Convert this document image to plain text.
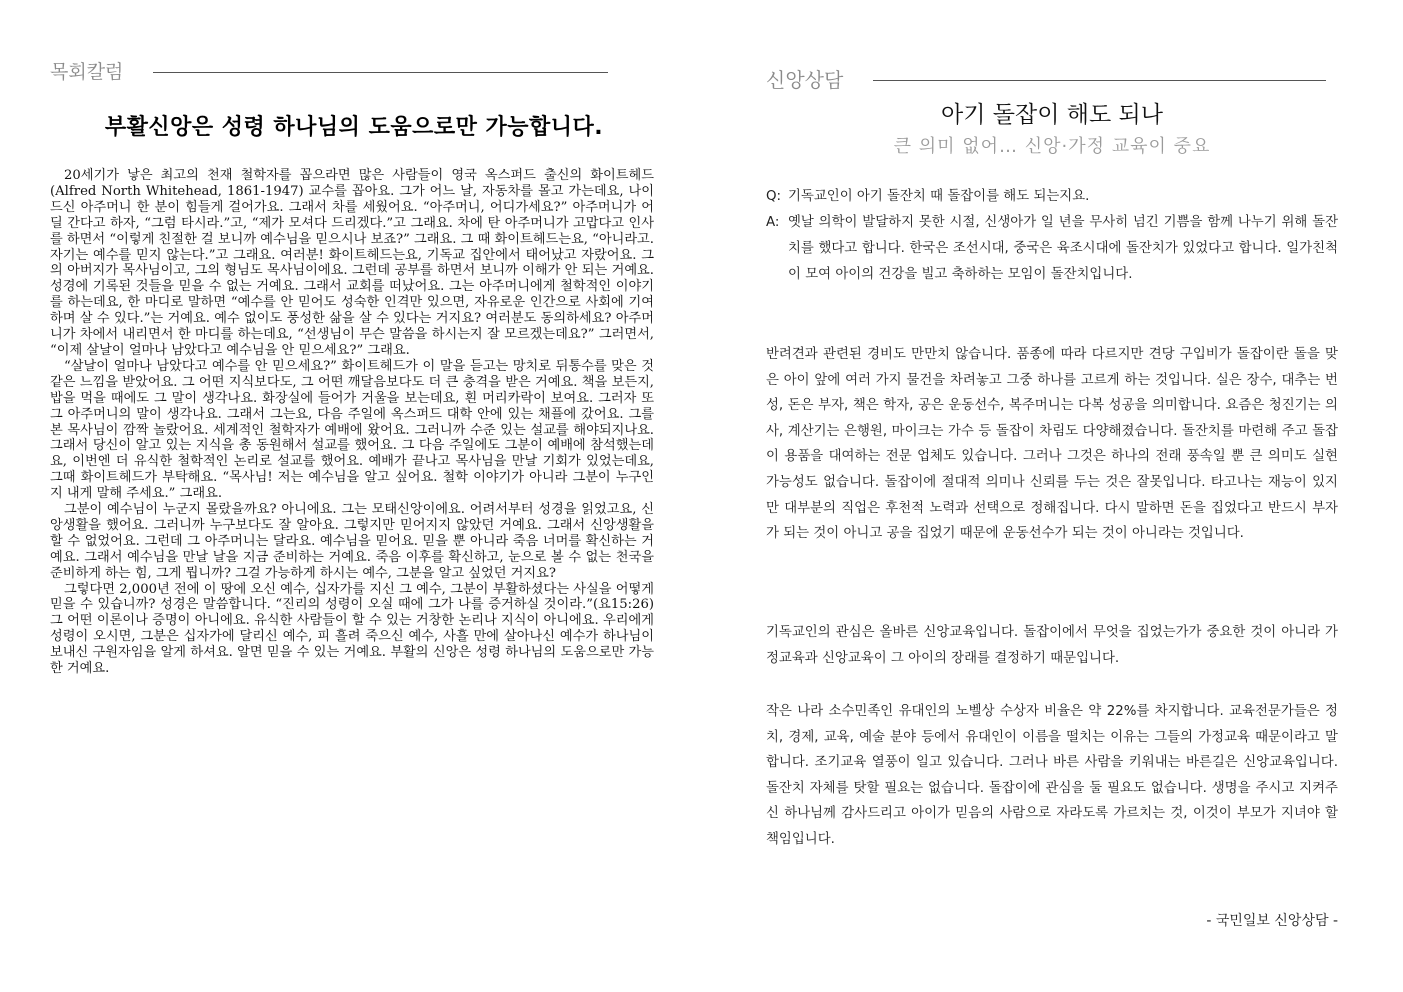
목회칼럼
부활신앙은 성령 하나님의 도움으로만 가능합니다.

20세기가 낳은 최고의 천재 철학자를 꼽으라면 많은 사람들이 영국 옥스퍼드 출신의 화이트헤드(Alfred North Whitehead, 1861-1947) 교수를 꼽아요. 그가 어느 날, 자동차를 몰고 가는데요, 나이 드신 아주머니 한 분이 힘들게 걸어가요. 그래서 차를 세웠어요. “아주머니, 어디가세요?” 아주머니가 어딜 간다고 하자, “그럼 타시라.”고, “제가 모셔다 드리겠다.”고 그래요. 차에 탄 아주머니가 고맙다고 인사를 하면서 “이렇게 친절한 걸 보니까 예수님을 믿으시나 보죠?” 그래요. 그 때 화이트헤드는요, “아니라고. 자기는 예수를 믿지 않는다.”고 그래요. 여러분! 화이트헤드는요, 기독교 집안에서 태어났고 자랐어요. 그의 아버지가 목사님이고, 그의 형님도 목사님이에요. 그런데 공부를 하면서 보니까 이해가 안 되는 거예요. 성경에 기록된 것들을 믿을 수 없는 거예요. 그래서 교회를 떠났어요. 그는 아주머니에게 철학적인 이야기를 하는데요, 한 마디로 말하면 “예수를 안 믿어도 성숙한 인격만 있으면, 자유로운 인간으로 사회에 기여하며 살 수 있다.”는 거예요. 예수 없이도 풍성한 삶을 살 수 있다는 거지요? 여러분도 동의하세요? 아주머니가 차에서 내리면서 한 마디를 하는데요, “선생님이 무슨 말씀을 하시는지 잘 모르겠는데요?” 그러면서, “이제 살날이 얼마나 남았다고 예수님을 안 믿으세요?” 그래요.

“살날이 얼마나 남았다고 예수를 안 믿으세요?” 화이트헤드가 이 말을 듣고는 망치로 뒤통수를 맞은 것 같은 느낌을 받았어요. 그 어떤 지식보다도, 그 어떤 깨달음보다도 더 큰 충격을 받은 거예요. 책을 보든지, 밥을 먹을 때에도 그 말이 생각나요. 화장실에 들어가 거울을 보는데요, 흰 머리카락이 보여요. 그러자 또 그 아주머니의 말이 생각나요. 그래서 그는요, 다음 주일에 옥스퍼드 대학 안에 있는 채플에 갔어요. 그를 본 목사님이 깜짝 놀랐어요. 세계적인 철학자가 예배에 왔어요. 그러니까 수준 있는 설교를 해야되지나요. 그래서 당신이 알고 있는 지식을 총 동원해서 설교를 했어요. 그 다음 주일에도 그분이 예배에 참석했는데요, 이번엔 더 유식한 철학적인 논리로 설교를 했어요. 예배가 끝나고 목사님을 만날 기회가 있었는데요, 그때 화이트헤드가 부탁해요. “목사님! 저는 예수님을 알고 싶어요. 철학 이야기가 아니라 그분이 누구인지 내게 말해 주세요.” 그래요.

그분이 예수님이 누군지 몰랐을까요? 아니에요. 그는 모태신앙이에요. 어려서부터 성경을 읽었고요, 신앙생활을 했어요. 그러니까 누구보다도 잘 알아요. 그렇지만 믿어지지 않았던 거예요. 그래서 신앙생활을 할 수 없었어요. 그런데 그 아주머니는 달라요. 예수님을 믿어요. 믿을 뿐 아니라 죽음 너머를 확신하는 거예요. 그래서 예수님을 만날 날을 지금 준비하는 거예요. 죽음 이후를 확신하고, 눈으로 볼 수 없는 천국을 준비하게 하는 힘, 그게 뭡니까? 그걸 가능하게 하시는 예수, 그분을 알고 싶었던 거지요?

그렇다면 2,000년 전에 이 땅에 오신 예수, 십자가를 지신 그 예수, 그분이 부활하셨다는 사실을 어떻게 믿을 수 있습니까? 성경은 말씀합니다. “진리의 성령이 오실 때에 그가 나를 증거하실 것이라.”(요15:26) 그 어떤 이론이나 증명이 아니에요. 유식한 사람들이 할 수 있는 거창한 논리나 지식이 아니에요. 우리에게 성령이 오시면, 그분은 십자가에 달리신 예수, 피 흘려 죽으신 예수, 사흘 만에 살아나신 예수가 하나님이 보내신 구원자임을 알게 하셔요. 알면 믿을 수 있는 거예요. 부활의 신앙은 성령 하나님의 도움으로만 가능한 거예요.

신앙상담
아기 돌잡이 해도 되나
큰 의미 없어… 신앙·가정 교육이 중요
Q: 기독교인이 아기 돌잔치 때 돌잡이를 해도 되는지요.
A: 옛날 의학이 발달하지 못한 시절, 신생아가 일 년을 무사히 넘긴 기쁨을 함께 나누기 위해 돌잔치를 했다고 합니다. 한국은 조선시대, 중국은 육조시대에 돌잔치가 있었다고 합니다. 일가친척이 모여 아이의 건강을 빌고 축하하는 모임이 돌잔치입니다.

반려견과 관련된 경비도 만만치 않습니다. 품종에 따라 다르지만 견당 구입비가 돌잡이란 돌을 맞은 아이 앞에 여러 가지 물건을 차려놓고 그중 하나를 고르게 하는 것입니다. 실은 장수, 대추는 번성, 돈은 부자, 책은 학자, 공은 운동선수, 복주머니는 다복 성공을 의미합니다. 요즘은 청진기는 의사, 계산기는 은행원, 마이크는 가수 등 돌잡이 차림도 다양해졌습니다. 돌잔치를 마련해 주고 돌잡이 용품을 대여하는 전문 업체도 있습니다. 그러나 그것은 하나의 전래 풍속일 뿐 큰 의미도 실현 가능성도 없습니다. 돌잡이에 절대적 의미나 신뢰를 두는 것은 잘못입니다. 타고나는 재능이 있지만 대부분의 직업은 후천적 노력과 선택으로 정해집니다. 다시 말하면 돈을 집었다고 반드시 부자가 되는 것이 아니고 공을 집었기 때문에 운동선수가 되는 것이 아니라는 것입니다.

기독교인의 관심은 올바른 신앙교육입니다. 돌잡이에서 무엇을 집었는가가 중요한 것이 아니라 가정교육과 신앙교육이 그 아이의 장래를 결정하기 때문입니다.

작은 나라 소수민족인 유대인의 노벨상 수상자 비율은 약 22%를 차지합니다. 교육전문가들은 정치, 경제, 교육, 예술 분야 등에서 유대인이 이름을 떨치는 이유는 그들의 가정교육 때문이라고 말합니다. 조기교육 열풍이 일고 있습니다. 그러나 바른 사람을 키워내는 바른길은 신앙교육입니다. 돌잔치 자체를 탓할 필요는 없습니다. 돌잡이에 관심을 둘 필요도 없습니다. 생명을 주시고 지켜주신 하나님께 감사드리고 아이가 믿음의 사람으로 자라도록 가르치는 것, 이것이 부모가 지녀야 할 책임입니다.

- 국민일보 신앙상담 -
